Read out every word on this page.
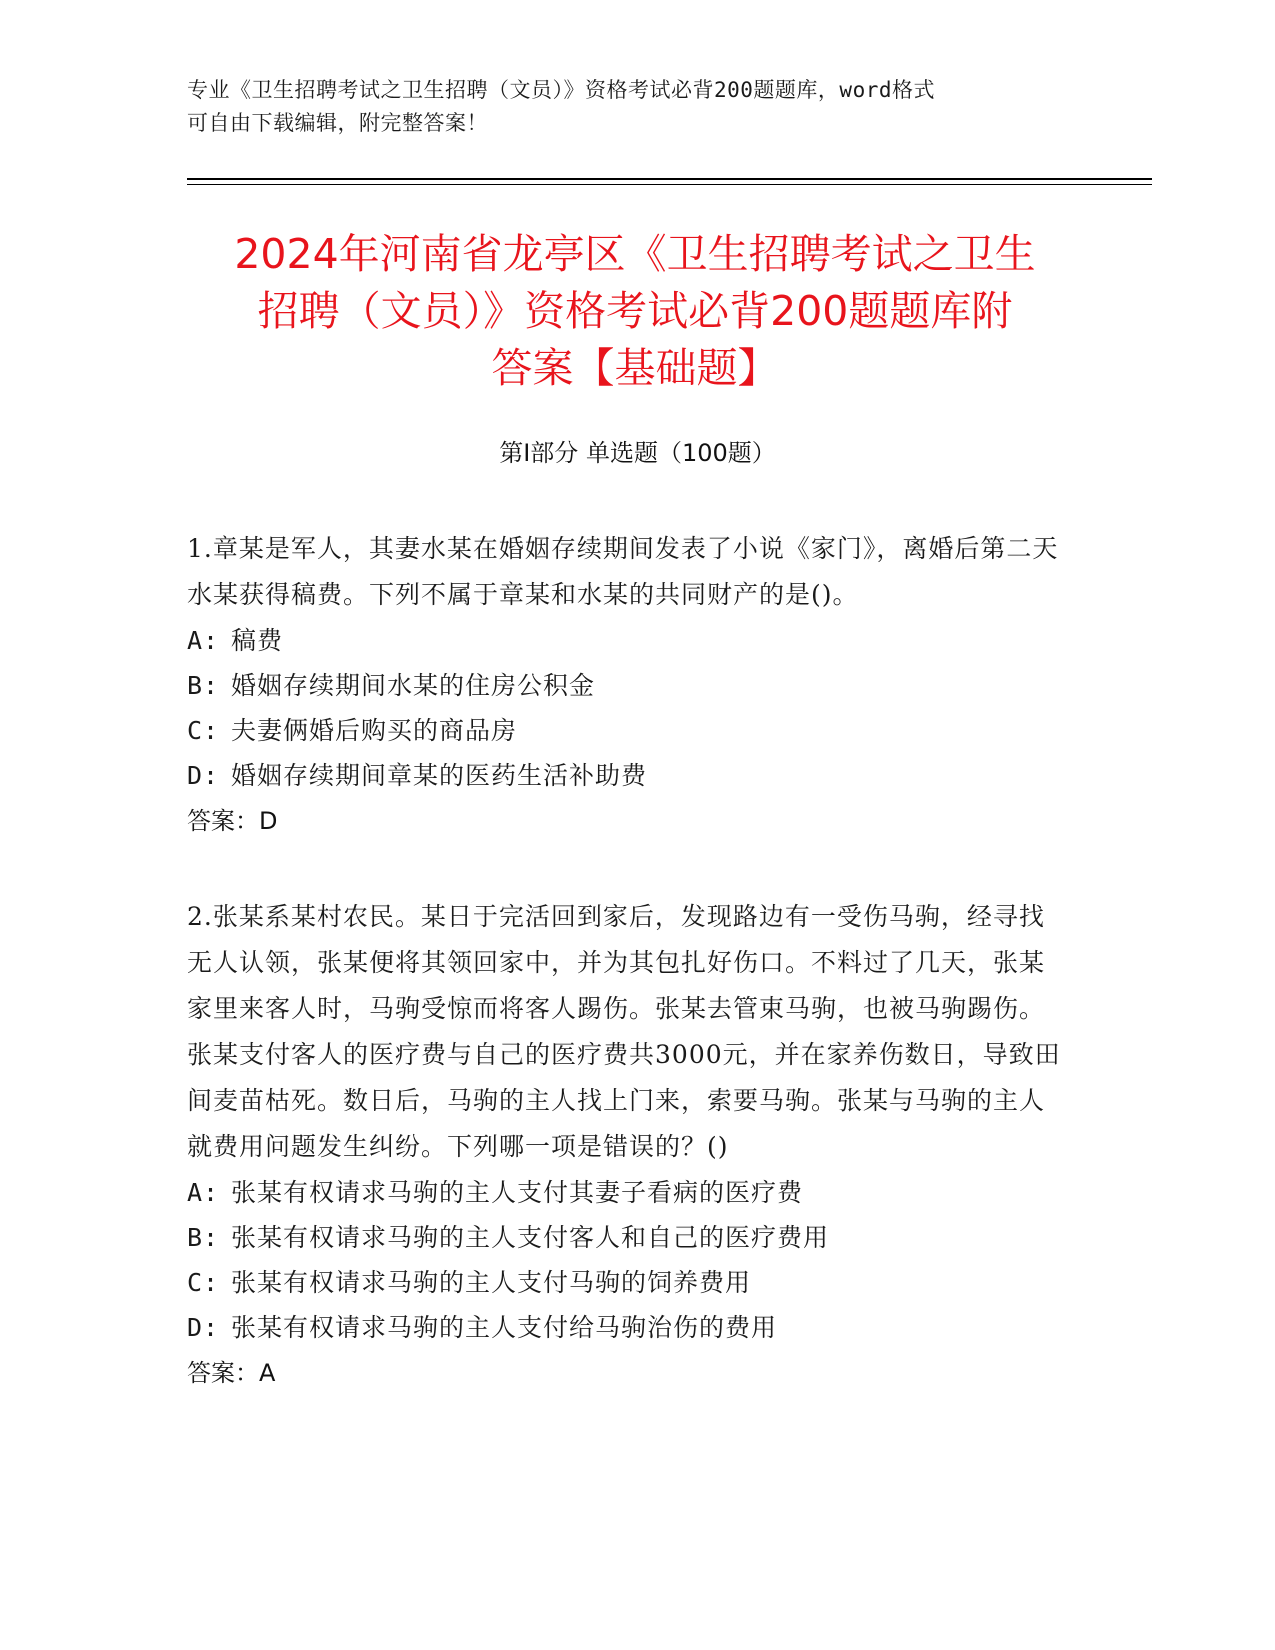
专业《卫生招聘考试之卫生招聘（文员）》资格考试必背200题题库，word格式
可自由下载编辑，附完整答案！
2024年河南省龙亭区《卫生招聘考试之卫生
招聘（文员）》资格考试必背200题题库附
答案【基础题】
第I部分 单选题（100题）
1.章某是军人，其妻水某在婚姻存续期间发表了小说《家门》，离婚后第二天水某获得稿费。下列不属于章某和水某的共同财产的是()。
A: 稿费
B: 婚姻存续期间水某的住房公积金
C: 夫妻俩婚后购买的商品房
D: 婚姻存续期间章某的医药生活补助费
答案：D
2.张某系某村农民。某日于完活回到家后，发现路边有一受伤马驹，经寻找无人认领，张某便将其领回家中，并为其包扎好伤口。不料过了几天，张某家里来客人时，马驹受惊而将客人踢伤。张某去管束马驹，也被马驹踢伤。张某支付客人的医疗费与自己的医疗费共3000元，并在家养伤数日，导致田间麦苗枯死。数日后，马驹的主人找上门来，索要马驹。张某与马驹的主人就费用问题发生纠纷。下列哪一项是错误的？()
A: 张某有权请求马驹的主人支付其妻子看病的医疗费
B: 张某有权请求马驹的主人支付客人和自己的医疗费用
C: 张某有权请求马驹的主人支付马驹的饲养费用
D: 张某有权请求马驹的主人支付给马驹治伤的费用
答案：A
